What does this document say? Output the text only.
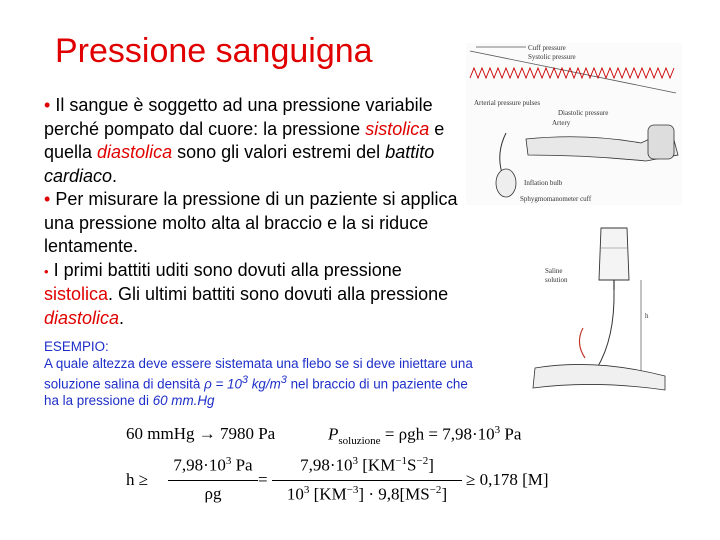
Pressione sanguigna

• Il sangue è soggetto ad una pressione variabile perché pompato dal cuore: la pressione sistolica e quella diastolica sono gli valori estremi del battito cardiaco.

• Per misurare la pressione di un paziente si applica una pressione molto alta al braccio e la si riduce lentamente.

• I primi battiti uditi sono dovuti alla pressione sistolica. Gli ultimi battiti sono dovuti alla pressione diastolica.

ESEMPIO:

A quale altezza deve essere sistemata una flebo se si deve iniettare una soluzione salina di densità $\rho = 10^3$ $kg/m^3$ nel braccio di un paziente che ha la pressione di 60 mm.Hg

Cuff pressure
Systolic pressure
Arterial pressure pulses
Diastolic pressure
Artery
Inflation bulb
Sphygmomanometer cuff
Saline
solution
h
60 mmHg → 7980 Pa	$P_{soluzione} = \rho gh = 7,98\cdot 10^3$ Pa
h ≥
$7,98\cdot 10^3$ Pa
ρg
=
$7,98\cdot 10^3$ $[KM^{-1}S^{-2}]$
$10^3$ $[KM^{-3}] \cdot 9,8[MS^{-2}]$
≥ 0,178 [M]
